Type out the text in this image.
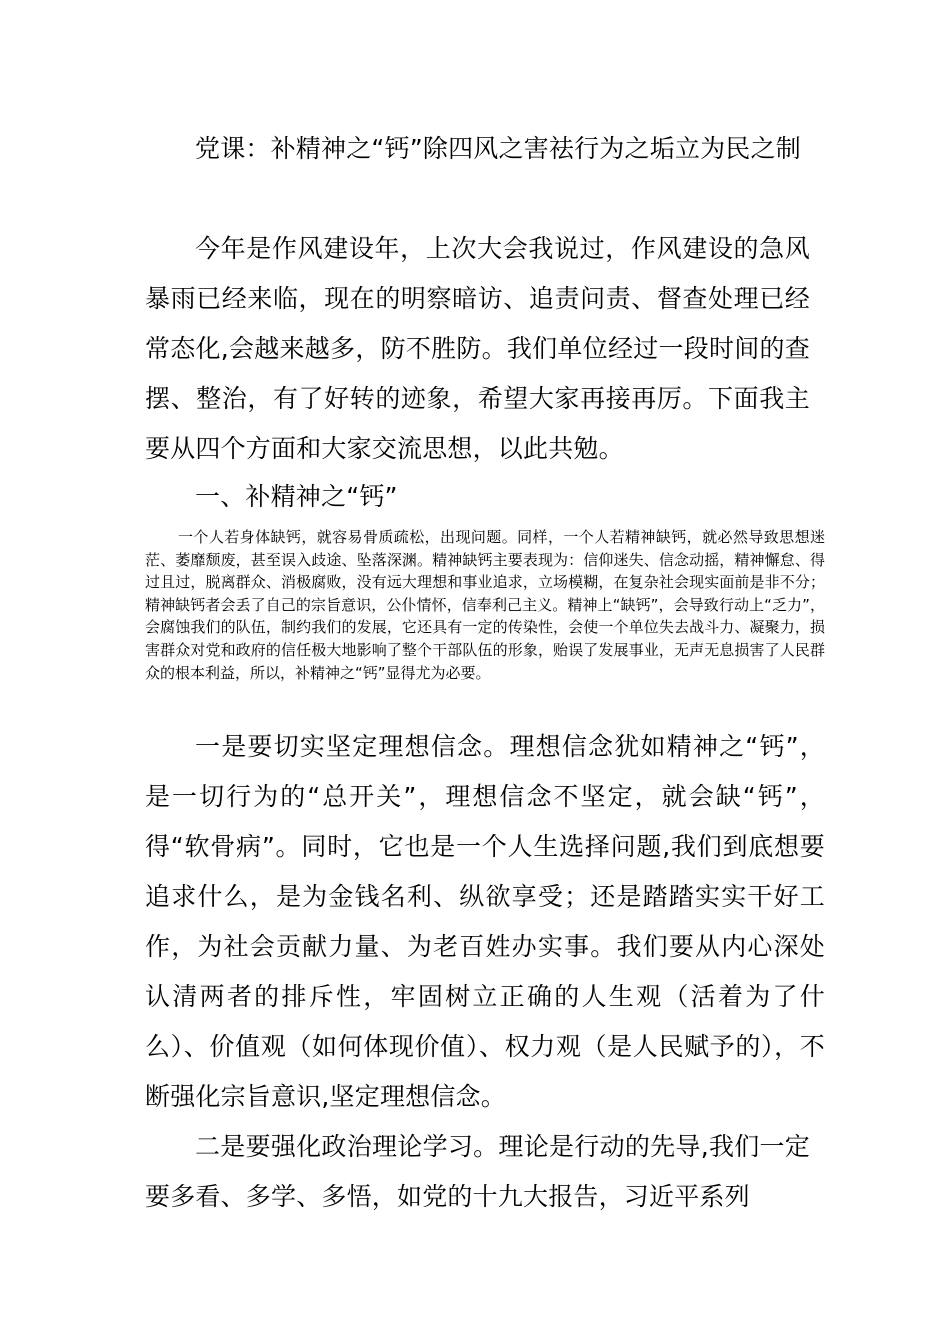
党课：补精神之“钙”除四风之害祛行为之垢立为民之制

今年是作风建设年，上次大会我说过，作风建设的急风暴雨已经来临，现在的明察暗访、追责问责、督查处理已经常态化,会越来越多，防不胜防。我们单位经过一段时间的查摆、整治，有了好转的迹象，希望大家再接再厉。下面我主要从四个方面和大家交流思想，以此共勉。

一、补精神之“钙”

一个人若身体缺钙，就容易骨质疏松，出现问题。同样，一个人若精神缺钙，就必然导致思想迷茫、萎靡颓废，甚至误入歧途、坠落深渊。精神缺钙主要表现为：信仰迷失、信念动摇，精神懈怠、得过且过，脱离群众、消极腐败，没有远大理想和事业追求，立场模糊，在复杂社会现实面前是非不分；精神缺钙者会丢了自己的宗旨意识，公仆情怀，信奉利己主义。精神上“缺钙”，会导致行动上“乏力”，会腐蚀我们的队伍，制约我们的发展，它还具有一定的传染性，会使一个单位失去战斗力、凝聚力，损害群众对党和政府的信任极大地影响了整个干部队伍的形象，贻误了发展事业，无声无息损害了人民群众的根本利益，所以，补精神之“钙”显得尤为必要。

一是要切实坚定理想信念。理想信念犹如精神之“钙”，是一切行为的“总开关”，理想信念不坚定，就会缺“钙”，得“软骨病”。同时，它也是一个人生选择问题,我们到底想要追求什么，是为金钱名利、纵欲享受；还是踏踏实实干好工作，为社会贡献力量、为老百姓办实事。我们要从内心深处认清两者的排斥性，牢固树立正确的人生观（活着为了什么）、价值观（如何体现价值）、权力观（是人民赋予的），不断强化宗旨意识,坚定理想信念。

二是要强化政治理论学习。理论是行动的先导,我们一定要多看、多学、多悟，如党的十九大报告，习近平系列
